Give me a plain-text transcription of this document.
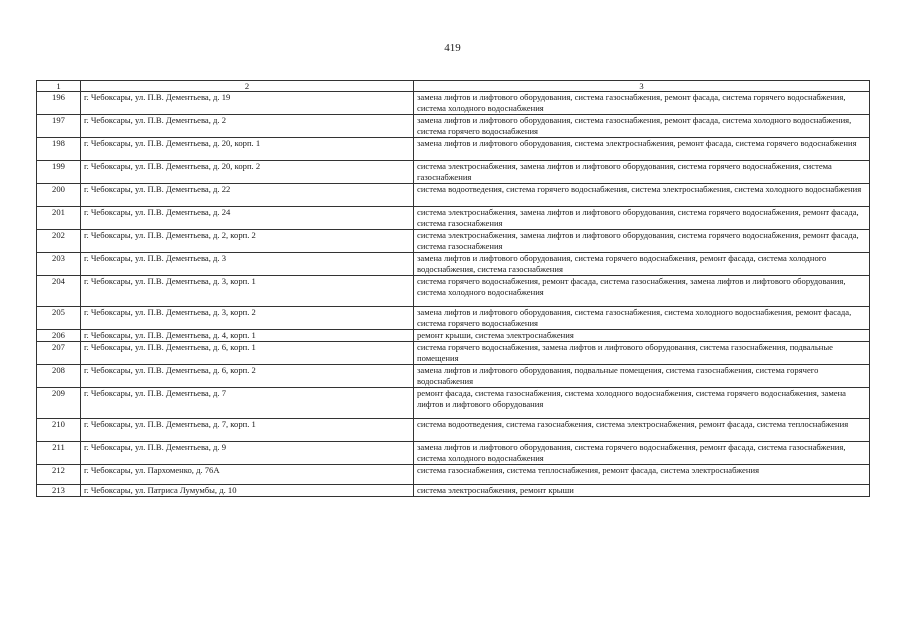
419
1	2	3
196	г. Чебоксары, ул. П.В. Дементьева, д. 19	замена лифтов и лифтового оборудования, система газоснабжения, ремонт фасада, система горячего водоснабжения, система холодного водоснабжения
197	г. Чебоксары, ул. П.В. Дементьева, д. 2	замена лифтов и лифтового оборудования, система газоснабжения, ремонт фасада, система холодного водоснабжения, система горячего водоснабжения
198	г. Чебоксары, ул. П.В. Дементьева, д. 20, корп. 1	замена лифтов и лифтового оборудования, система электроснабжения, ремонт фасада, система горячего водоснабжения
199	г. Чебоксары, ул. П.В. Дементьева, д. 20, корп. 2	система электроснабжения, замена лифтов и лифтового оборудования, система горячего водоснабжения, система газоснабжения
200	г. Чебоксары, ул. П.В. Дементьева, д. 22	система водоотведения, система горячего водоснабжения, система электроснабжения, система холодного водоснабжения
201	г. Чебоксары, ул. П.В. Дементьева, д. 24	система электроснабжения, замена лифтов и лифтового оборудования, система горячего водоснабжения, ремонт фасада, система газоснабжения
202	г. Чебоксары, ул. П.В. Дементьева, д. 2, корп. 2	система электроснабжения, замена лифтов и лифтового оборудования, система горячего водоснабжения, ремонт фасада, система газоснабжения
203	г. Чебоксары, ул. П.В. Дементьева, д. 3	замена лифтов и лифтового оборудования, система горячего водоснабжения, ремонт фасада, система холодного водоснабжения, система газоснабжения
204	г. Чебоксары, ул. П.В. Дементьева, д. 3, корп. 1	система горячего водоснабжения, ремонт фасада, система газоснабжения, замена лифтов и лифтового оборудования, система холодного водоснабжения
205	г. Чебоксары, ул. П.В. Дементьева, д. 3, корп. 2	замена лифтов и лифтового оборудования, система газоснабжения, система холодного водоснабжения, ремонт фасада, система горячего водоснабжения
206	г. Чебоксары, ул. П.В. Дементьева, д. 4, корп. 1	ремонт крыши, система электроснабжения
207	г. Чебоксары, ул. П.В. Дементьева, д. 6, корп. 1	система горячего водоснабжения, замена лифтов и лифтового оборудования, система газоснабжения, подвальные помещения
208	г. Чебоксары, ул. П.В. Дементьева, д. 6, корп. 2	замена лифтов и лифтового оборудования, подвальные помещения, система газоснабжения, система горячего водоснабжения
209	г. Чебоксары, ул. П.В. Дементьева, д. 7	ремонт фасада, система газоснабжения, система холодного водоснабжения, система горячего водоснабжения, замена лифтов и лифтового оборудования
210	г. Чебоксары, ул. П.В. Дементьева, д. 7, корп. 1	система водоотведения, система газоснабжения, система электроснабжения, ремонт фасада, система теплоснабжения
211	г. Чебоксары, ул. П.В. Дементьева, д. 9	замена лифтов и лифтового оборудования, система горячего водоснабжения, ремонт фасада, система газоснабжения, система холодного водоснабжения
212	г. Чебоксары, ул. Пархоменко, д. 76А	система газоснабжения, система теплоснабжения, ремонт фасада, система электроснабжения
213	г. Чебоксары, ул. Патриса Лумумбы, д. 10	система электроснабжения, ремонт крыши
